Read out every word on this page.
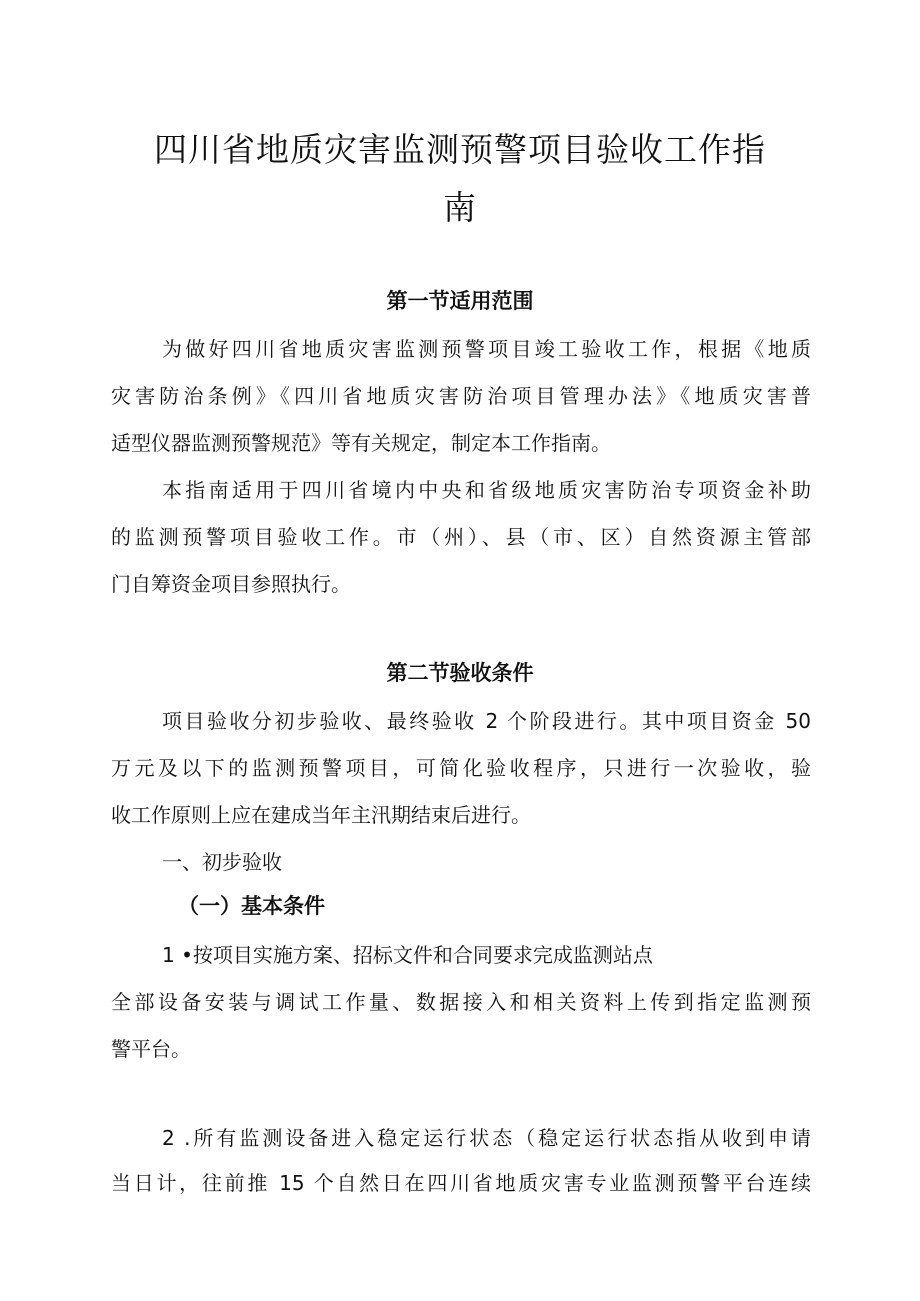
四川省地质灾害监测预警项目验收工作指

南

第一节适用范围

为做好四川省地质灾害监测预警项目竣工验收工作，根据《地质

灾害防治条例》《四川省地质灾害防治项目管理办法》《地质灾害普

适型仪器监测预警规范》等有关规定，制定本工作指南。

本指南适用于四川省境内中央和省级地质灾害防治专项资金补助

的监测预警项目验收工作。市（州）、县（市、区）自然资源主管部

门自筹资金项目参照执行。

第二节验收条件

项目验收分初步验收、最终验收 2 个阶段进行。其中项目资金 50

万元及以下的监测预警项目，可简化验收程序，只进行一次验收，验

收工作原则上应在建成当年主汛期结束后进行。

一、初步验收

（一）基本条件

1 •按项目实施方案、招标文件和合同要求完成监测站点

全部设备安装与调试工作量、数据接入和相关资料上传到指定监测预

警平台。

2 .所有监测设备进入稳定运行状态（稳定运行状态指从收到申请

当日计，往前推 15 个自然日在四川省地质灾害专业监测预警平台连续
